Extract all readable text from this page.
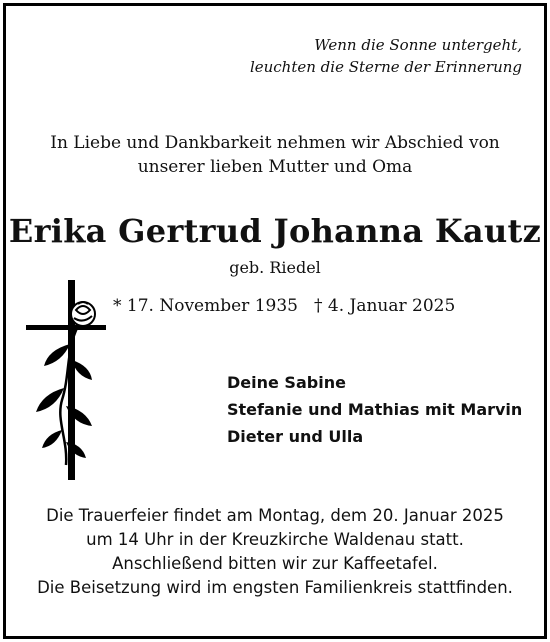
Wenn die Sonne untergeht,
leuchten die Sterne der Erinnerung
In Liebe und Dankbarkeit nehmen wir Abschied von
unserer lieben Mutter und Oma
Erika Gertrud Johanna Kautz
geb. Riedel
* 17. November 1935 † 4. Januar 2025
Deine Sabine
Stefanie und Mathias mit Marvin
Dieter und Ulla
Die Trauerfeier findet am Montag, dem 20. Januar 2025
um 14 Uhr in der Kreuzkirche Waldenau statt.
Anschließend bitten wir zur Kaffeetafel.
Die Beisetzung wird im engsten Familienkreis stattfinden.
